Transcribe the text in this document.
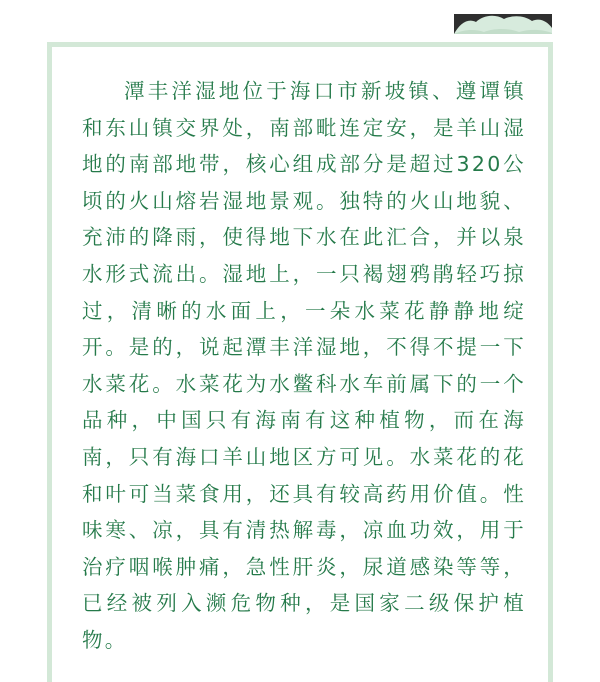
潭丰洋湿地位于海口市新坡镇、遵谭镇和东山镇交界处，南部毗连定安，是羊山湿地的南部地带，核心组成部分是超过320公顷的火山熔岩湿地景观。独特的火山地貌、充沛的降雨，使得地下水在此汇合，并以泉水形式流出。湿地上，一只褐翅鸦鹃轻巧掠过，清晰的水面上，一朵水菜花静静地绽开。是的，说起潭丰洋湿地，不得不提一下水菜花。水菜花为水鳖科水车前属下的一个品种，中国只有海南有这种植物，而在海南，只有海口羊山地区方可见。水菜花的花和叶可当菜食用，还具有较高药用价值。性味寒、凉，具有清热解毒，凉血功效，用于治疗咽喉肿痛，急性肝炎，尿道感染等等，已经被列入濒危物种，是国家二级保护植物。
